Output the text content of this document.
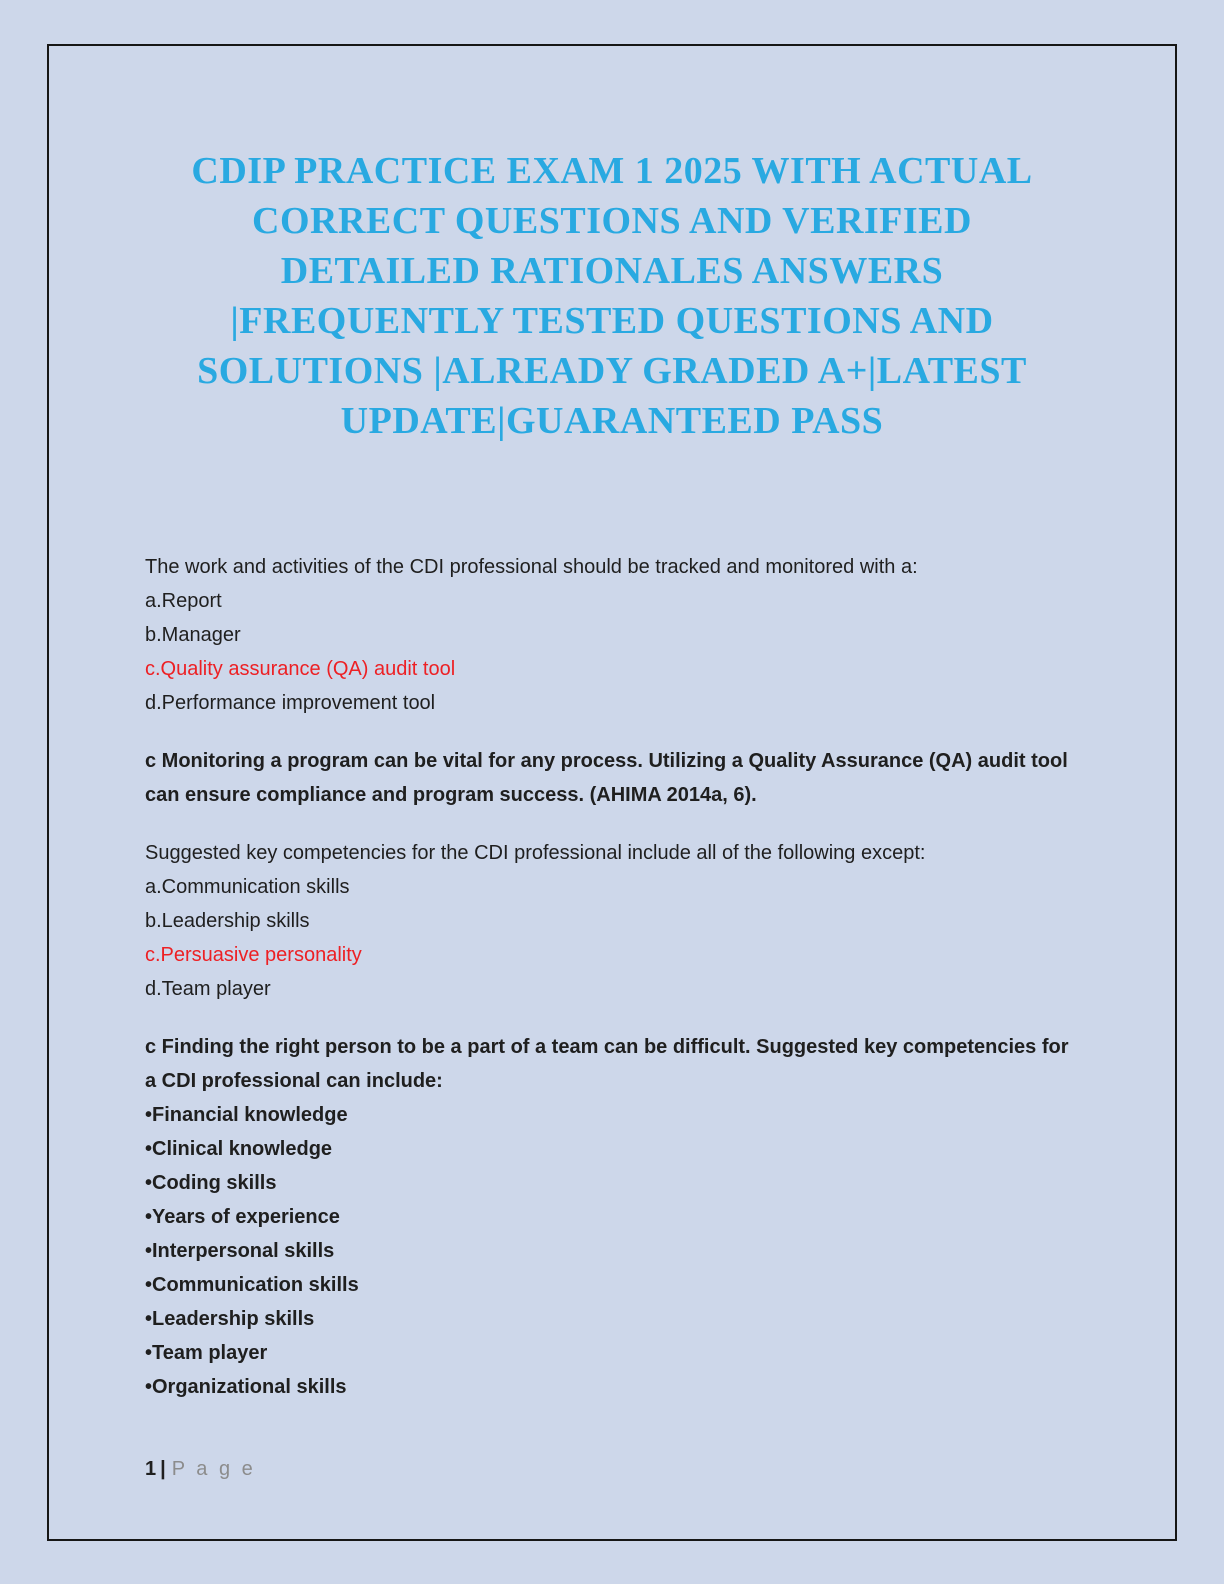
CDIP PRACTICE EXAM 1 2025 WITH ACTUAL
CORRECT QUESTIONS AND VERIFIED
DETAILED RATIONALES ANSWERS
|FREQUENTLY TESTED QUESTIONS AND
SOLUTIONS |ALREADY GRADED A+|LATEST
UPDATE|GUARANTEED PASS

The work and activities of the CDI professional should be tracked and monitored with a:

a.Report

b.Manager

c.Quality assurance (QA) audit tool

d.Performance improvement tool

c Monitoring a program can be vital for any process. Utilizing a Quality Assurance (QA) audit tool can ensure compliance and program success. (AHIMA 2014a, 6).

Suggested key competencies for the CDI professional include all of the following except:

a.Communication skills

b.Leadership skills

c.Persuasive personality

d.Team player

c Finding the right person to be a part of a team can be difficult. Suggested key competencies for a CDI professional can include:

•Financial knowledge

•Clinical knowledge

•Coding skills

•Years of experience

•Interpersonal skills

•Communication skills

•Leadership skills

•Team player

•Organizational skills

1 | P a g e
